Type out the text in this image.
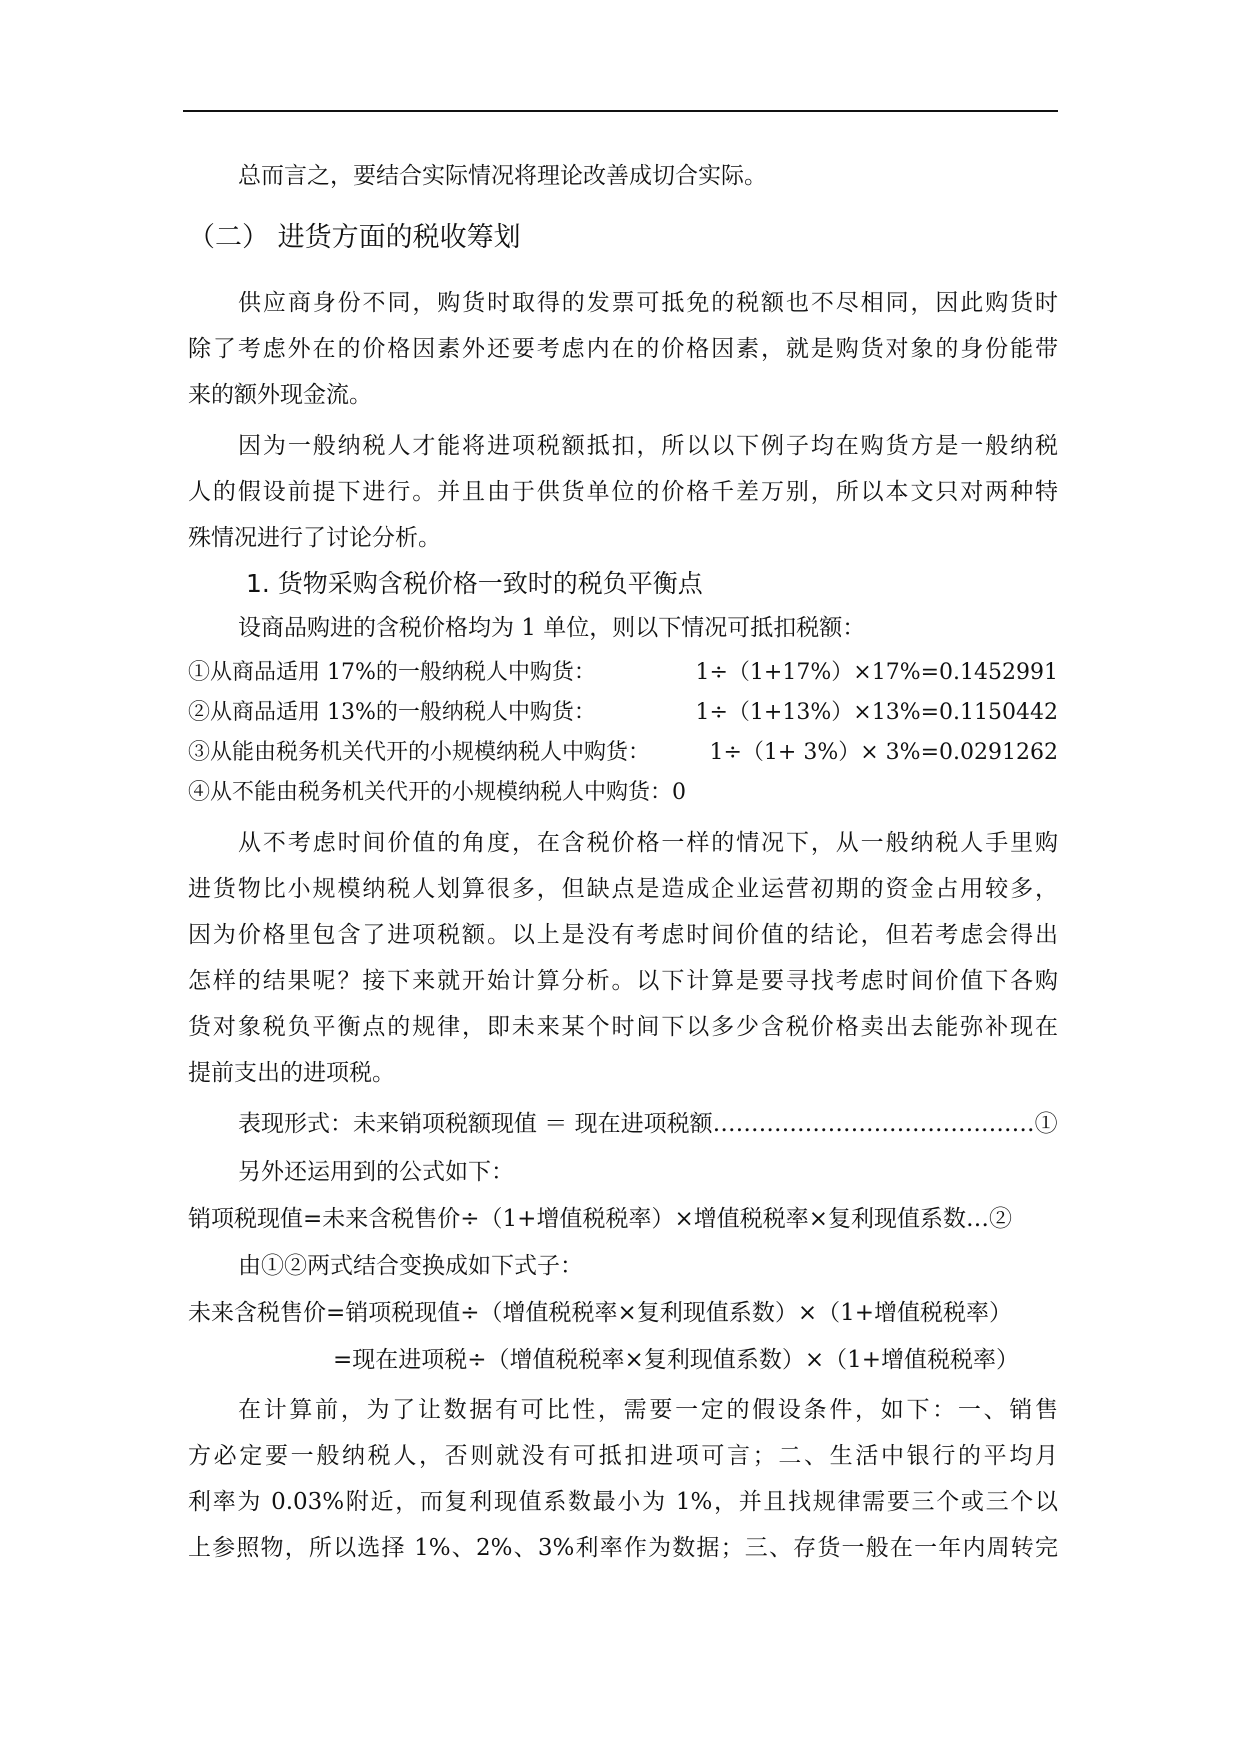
总而言之，要结合实际情况将理论改善成切合实际。
（二） 进货方面的税收筹划
供应商身份不同，购货时取得的发票可抵免的税额也不尽相同，因此购货时
除了考虑外在的价格因素外还要考虑内在的价格因素，就是购货对象的身份能带
来的额外现金流。
因为一般纳税人才能将进项税额抵扣，所以以下例子均在购货方是一般纳税
人的假设前提下进行。并且由于供货单位的价格千差万别，所以本文只对两种特
殊情况进行了讨论分析。
1. 货物采购含税价格一致时的税负平衡点
设商品购进的含税价格均为 1 单位，则以下情况可抵扣税额：
①从商品适用 17%的一般纳税人中购货：	1÷（1+17%）×17%=0.1452991
②从商品适用 13%的一般纳税人中购货：	1÷（1+13%）×13%=0.1150442
③从能由税务机关代开的小规模纳税人中购货：	1÷（1+ 3%）× 3%=0.0291262
④从不能由税务机关代开的小规模纳税人中购货：0
从不考虑时间价值的角度，在含税价格一样的情况下，从一般纳税人手里购
进货物比小规模纳税人划算很多，但缺点是造成企业运营初期的资金占用较多，
因为价格里包含了进项税额。以上是没有考虑时间价值的结论，但若考虑会得出
怎样的结果呢？接下来就开始计算分析。以下计算是要寻找考虑时间价值下各购
货对象税负平衡点的规律，即未来某个时间下以多少含税价格卖出去能弥补现在
提前支出的进项税。
表现形式：未来销项税额现值 ＝ 现在进项税额……………………………………①
另外还运用到的公式如下：
销项税现值=未来含税售价÷（1+增值税税率）×增值税税率×复利现值系数…②
由①②两式结合变换成如下式子：
未来含税售价=销项税现值÷（增值税税率×复利现值系数）×（1+增值税税率）
=现在进项税÷（增值税税率×复利现值系数）×（1+增值税税率）
在计算前，为了让数据有可比性，需要一定的假设条件，如下：一、销售
方必定要一般纳税人，否则就没有可抵扣进项可言；二、生活中银行的平均月
利率为 0.03%附近，而复利现值系数最小为 1%，并且找规律需要三个或三个以
上参照物，所以选择 1%、2%、3%利率作为数据；三、存货一般在一年内周转完
